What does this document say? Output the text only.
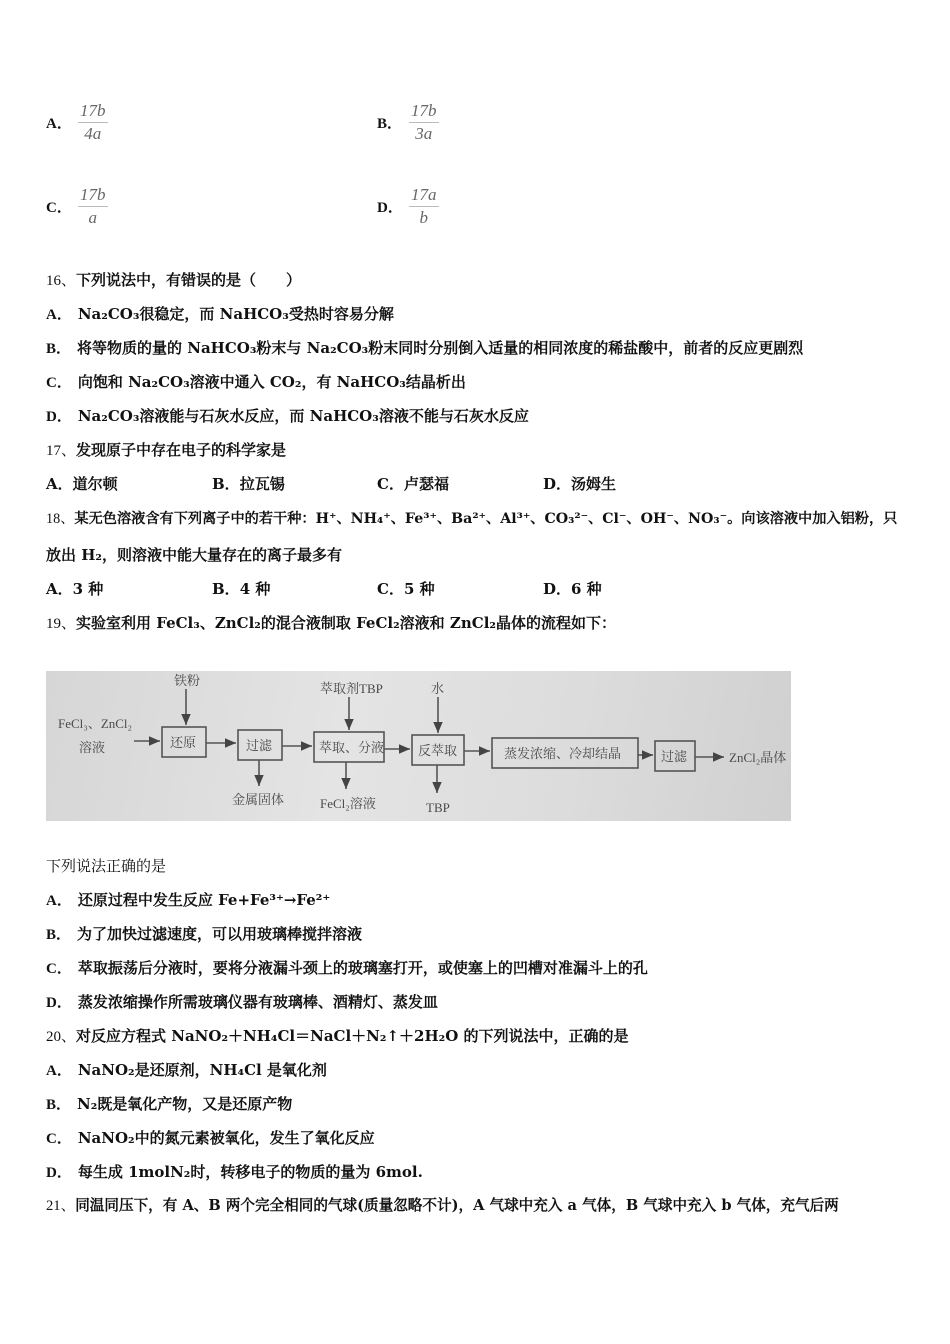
A． $\frac{17b}{4a}$	B． $\frac{17b}{3a}$
C． $\frac{17b}{a}$	D． $\frac{17a}{b}$
16、下列说法中，有错误的是（　　）
A． Na₂CO₃很稳定，而 NaHCO₃受热时容易分解
B． 将等物质的量的 NaHCO₃粉末与 Na₂CO₃粉末同时分别倒入适量的相同浓度的稀盐酸中，前者的反应更剧烈
C． 向饱和 Na₂CO₃溶液中通入 CO₂，有 NaHCO₃结晶析出
D． Na₂CO₃溶液能与石灰水反应，而 NaHCO₃溶液不能与石灰水反应
17、发现原子中存在电子的科学家是
A．道尔顿	B．拉瓦锡	C．卢瑟福	D．汤姆生
18、某无色溶液含有下列离子中的若干种：H⁺、NH₄⁺、Fe³⁺、Ba²⁺、Al³⁺、CO₃²⁻、Cl⁻、OH⁻、NO₃⁻。向该溶液中加入铝粉，只
放出 H₂，则溶液中能大量存在的离子最多有
A．3 种	B．4 种	C．5 种	D．6 种
19、实验室利用 FeCl₃、ZnCl₂的混合液制取 FeCl₂溶液和 ZnCl₂晶体的流程如下：
FeCl₃、ZnCl₂
溶液	还原	过滤	萃取、分液	反萃取	蒸发浓缩、冷却结晶	过滤
铁粉
萃取剂TBP	水
金属固体	FeCl₂溶液	TBP
ZnCl₂晶体
下列说法正确的是
A． 还原过程中发生反应 Fe+Fe³⁺→Fe²⁺
B． 为了加快过滤速度，可以用玻璃棒搅拌溶液
C． 萃取振荡后分液时，要将分液漏斗颈上的玻璃塞打开，或使塞上的凹槽对准漏斗上的孔
D． 蒸发浓缩操作所需玻璃仪器有玻璃棒、酒精灯、蒸发皿
20、对反应方程式 NaNO₂＋NH₄Cl＝NaCl＋N₂↑＋2H₂O 的下列说法中，正确的是
A． NaNO₂是还原剂，NH₄Cl 是氧化剂
B． N₂既是氧化产物，又是还原产物
C． NaNO₂中的氮元素被氧化，发生了氧化反应
D． 每生成 1molN₂时，转移电子的物质的量为 6mol.
21、同温同压下，有 A、B 两个完全相同的气球(质量忽略不计)，A 气球中充入 a 气体，B 气球中充入 b 气体，充气后两
